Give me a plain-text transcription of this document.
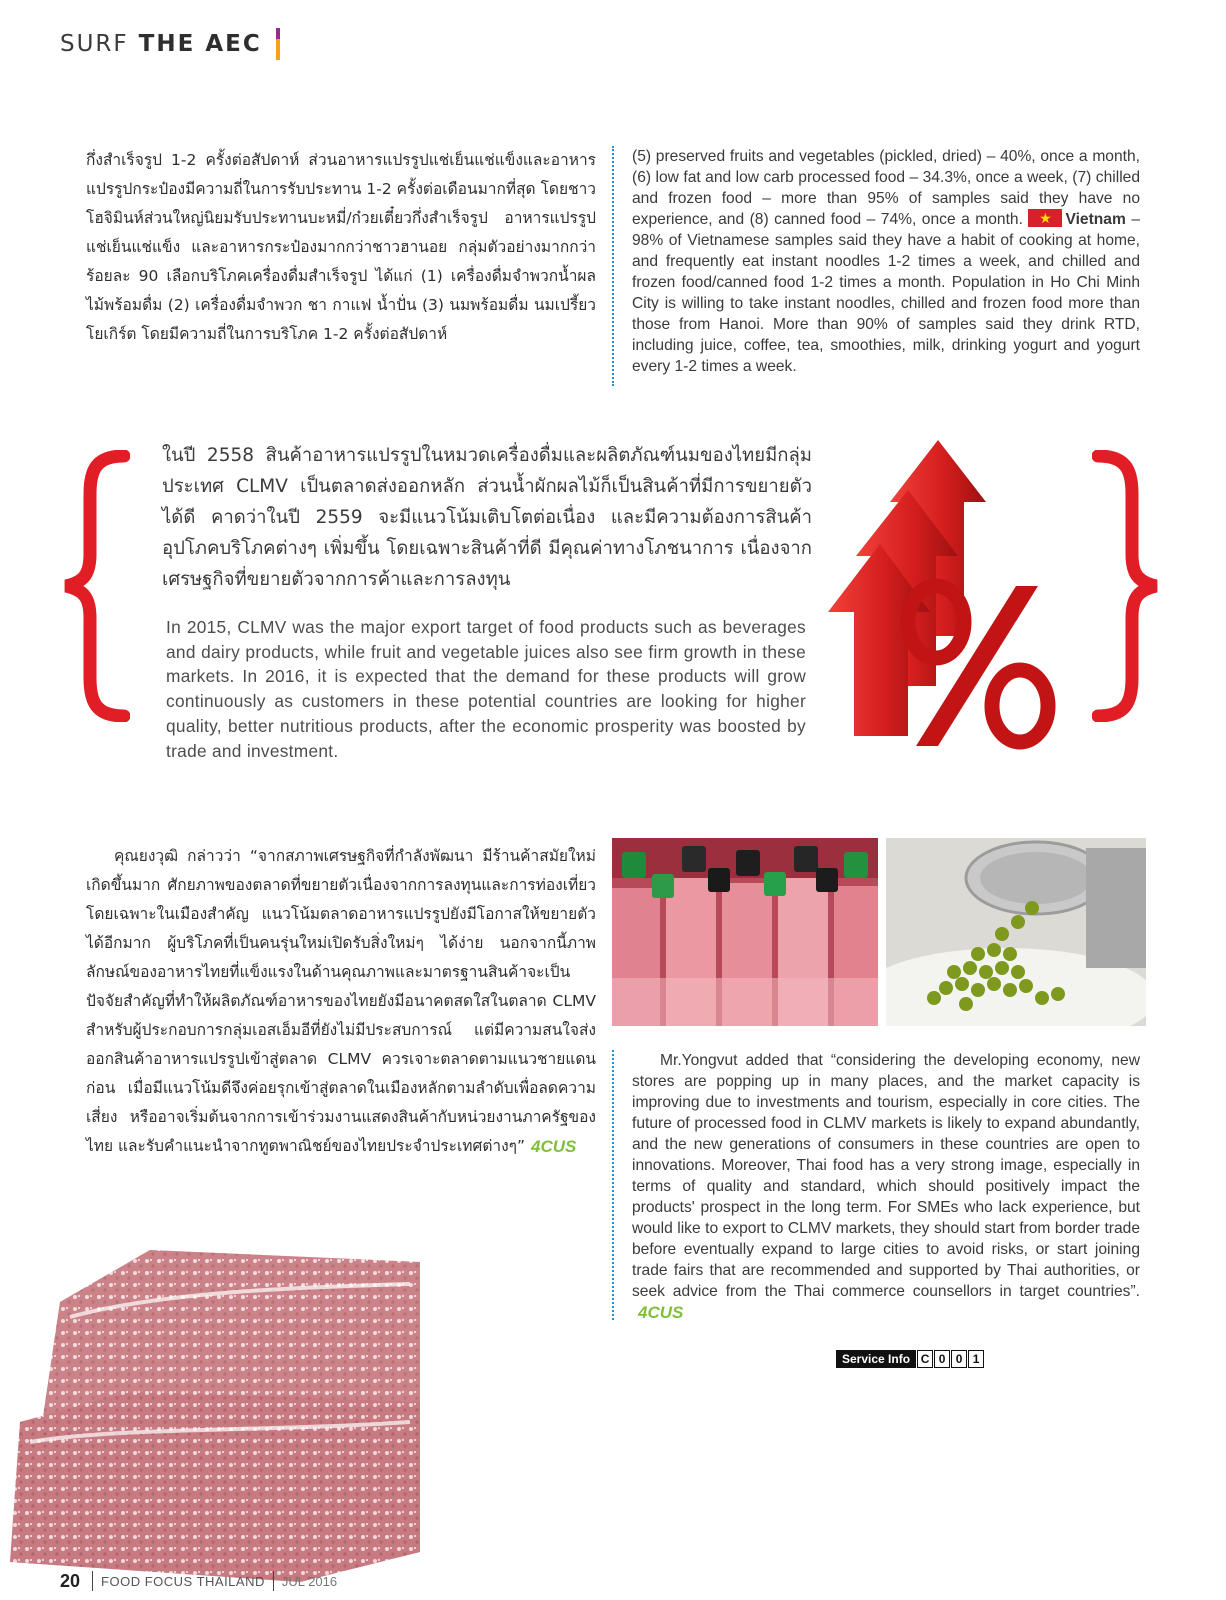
SURF THE AEC

กึ่งสำเร็จรูป 1-2 ครั้งต่อสัปดาห์ ส่วนอาหารแปรรูปแช่เย็นแช่แข็งและอาหารแปรรูปกระป๋องมีความถี่ในการรับประทาน 1-2 ครั้งต่อเดือนมากที่สุด โดยชาวโฮจิมินห์ส่วนใหญ่นิยมรับประทานบะหมี่/ก๋วยเตี๋ยวกึ่งสำเร็จรูป อาหารแปรรูปแช่เย็นแช่แข็ง และอาหารกระป๋องมากกว่าชาวฮานอย กลุ่มตัวอย่างมากกว่าร้อยละ 90 เลือกบริโภคเครื่องดื่มสำเร็จรูป ได้แก่ (1) เครื่องดื่มจำพวกน้ำผลไม้พร้อมดื่ม (2) เครื่องดื่มจำพวก ชา กาแฟ น้ำปั่น (3) นมพร้อมดื่ม นมเปรี้ยว โยเกิร์ต โดยมีความถี่ในการบริโภค 1-2 ครั้งต่อสัปดาห์

(5) preserved fruits and vegetables (pickled, dried) – 40%, once a month, (6) low fat and low carb processed food – 34.3%, once a week, (7) chilled and frozen food – more than 95% of samples said they have no experience, and (8) canned food – 74%, once a month.	★ Vietnam – 98% of Vietnamese samples said they have a habit of cooking at home, and frequently eat instant noodles 1-2 times a week, and chilled and frozen food/canned food 1-2 times a month. Population in Ho Chi Minh City is willing to take instant noodles, chilled and frozen food more than those from Hanoi. More than 90% of samples said they drink RTD, including juice, coffee, tea, smoothies, milk, drinking yogurt and yogurt every 1-2 times a week.

ในปี 2558 สินค้าอาหารแปรรูปในหมวดเครื่องดื่มและผลิตภัณฑ์นมของไทยมีกลุ่มประเทศ CLMV เป็นตลาดส่งออกหลัก ส่วนน้ำผักผลไม้ก็เป็นสินค้าที่มีการขยายตัวได้ดี คาดว่าในปี 2559 จะมีแนวโน้มเติบโตต่อเนื่อง และมีความต้องการสินค้าอุปโภคบริโภคต่างๆ เพิ่มขึ้น โดยเฉพาะสินค้าที่ดี มีคุณค่าทางโภชนาการ เนื่องจากเศรษฐกิจที่ขยายตัวจากการค้าและการลงทุน

In 2015, CLMV was the major export target of food products such as beverages and dairy products, while fruit and vegetable juices also see firm growth in these markets. In 2016, it is expected that the demand for these products will grow continuously as customers in these potential countries are looking for higher quality, better nutritious products, after the economic prosperity was boosted by trade and investment.

คุณยงวุฒิ กล่าวว่า “จากสภาพเศรษฐกิจที่กำลังพัฒนา มีร้านค้าสมัยใหม่เกิดขึ้นมาก ศักยภาพของตลาดที่ขยายตัวเนื่องจากการลงทุนและการท่องเที่ยว โดยเฉพาะในเมืองสำคัญ แนวโน้มตลาดอาหารแปรรูปยังมีโอกาสให้ขยายตัวได้อีกมาก ผู้บริโภคที่เป็นคนรุ่นใหม่เปิดรับสิ่งใหม่ๆ ได้ง่าย นอกจากนี้ภาพลักษณ์ของอาหารไทยที่แข็งแรงในด้านคุณภาพและมาตรฐานสินค้าจะเป็นปัจจัยสำคัญที่ทำให้ผลิตภัณฑ์อาหารของไทยยังมีอนาคตสดใสในตลาด CLMV สำหรับผู้ประกอบการกลุ่มเอสเอ็มอีที่ยังไม่มีประสบการณ์ แต่มีความสนใจส่งออกสินค้าอาหารแปรรูปเข้าสู่ตลาด CLMV ควรเจาะตลาดตามแนวชายแดนก่อน เมื่อมีแนวโน้มดีจึงค่อยรุกเข้าสู่ตลาดในเมืองหลักตามลำดับเพื่อลดความเสี่ยง หรืออาจเริ่มต้นจากการเข้าร่วมงานแสดงสินค้ากับหน่วยงานภาครัฐของไทย และรับคำแนะนำจากทูตพาณิชย์ของไทยประจำประเทศต่างๆ” 4CUS

Mr.Yongvut added that “considering the developing economy, new stores are popping up in many places, and the market capacity is improving due to investments and tourism, especially in core cities. The future of processed food in CLMV markets is likely to expand abundantly, and the new generations of consumers in these countries are open to innovations. Moreover, Thai food has a very strong image, especially in terms of quality and standard, which should positively impact the products' prospect in the long term. For SMEs who lack experience, but would like to export to CLMV markets, they should start from border trade before eventually expand to large cities to avoid risks, or start joining trade fairs that are recommended and supported by Thai authorities, or seek advice from the Thai commerce counsellors in target countries”.4CUS

Service Info C 0 0 1
20 FOOD FOCUS THAILAND JUL 2016
